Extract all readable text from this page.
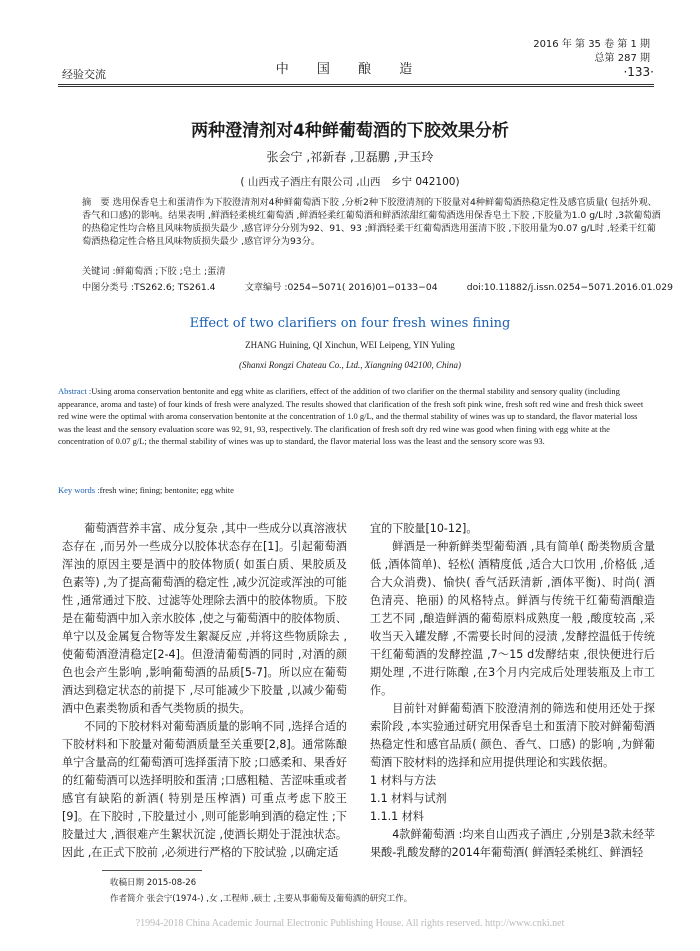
经验交流	中 国 酿 造
2016 年 第 35 卷 第 1 期
总第 287 期
·133·
两种澄清剂对4种鲜葡萄酒的下胶效果分析
张会宁 ,祁新春 ,卫磊鹏 ,尹玉玲
( 山西戎子酒庄有限公司 ,山西　乡宁 042100)
摘　要 选用保香皂土和蛋清作为下胶澄清剂对4种鲜葡萄酒下胶 ,分析2种下胶澄清剂的下胶量对4种鲜葡萄酒热稳定性及感官质量( 包括外观、香气和口感)的影响。结果表明 ,鲜酒轻柔桃红葡萄酒 ,鲜酒轻柔红葡萄酒和鲜酒浓甜红葡萄酒选用保香皂土下胶 ,下胶量为1.0 g/L时 ,3款葡萄酒的热稳定性均合格且风味物质损失最少 ,感官评分分别为92、91、93 ;鲜酒轻柔干红葡萄酒选用蛋清下胶 ,下胶用量为0.07 g/L时 ,轻柔干红葡萄酒热稳定性合格且风味物质损失最少 ,感官评分为93分。
关键词 :鲜葡萄酒 ;下胶 ;皂土 ;蛋清
中图分类号 :TS262.6; TS261.4	文章编号 :0254−5071( 2016)01−0133−04	doi:10.11882/j.issn.0254−5071.2016.01.029
Effect of two clarifiers on four fresh wines fining
ZHANG Huining, QI Xinchun, WEI Leipeng, YIN Yuling
(Shanxi Rongzi Chateau Co., Ltd., Xiangning 042100, China)
Abstract :Using aroma conservation bentonite and egg white as clarifiers, effect of the addition of two clarifier on the thermal stability and sensory quality (including appearance, aroma and taste) of four kinds of fresh were analyzed. The results showed that clarification of the fresh soft pink wine, fresh soft red wine and fresh thick sweet red wine were the optimal with aroma conservation bentonite at the concentration of 1.0 g/L, and the thermal stability of wines was up to standard, the flavor material loss was the least and the sensory evaluation score was 92, 91, 93, respectively. The clarification of fresh soft dry red wine was good when fining with egg white at the concentration of 0.07 g/L; the thermal stability of wines was up to standard, the flavor material loss was the least and the sensory score was 93.
Key words :fresh wine; fining; bentonite; egg white

葡萄酒营养丰富、成分复杂 ,其中一些成分以真溶液状态存在 ,而另外一些成分以胶体状态存在[1]。引起葡萄酒浑浊的原因主要是酒中的胶体物质( 如蛋白质、果胶质及色素等) ,为了提高葡萄酒的稳定性 ,减少沉淀或浑浊的可能性 ,通常通过下胶、过滤等处理除去酒中的胶体物质。下胶是在葡萄酒中加入亲水胶体 ,使之与葡萄酒中的胶体物质、单宁以及金属复合物等发生絮凝反应 ,并将这些物质除去 ,使葡萄酒澄清稳定[2-4]。但澄清葡萄酒的同时 ,对酒的颜色也会产生影响 ,影响葡萄酒的品质[5-7]。所以应在葡萄酒达到稳定状态的前提下 ,尽可能减少下胶量 ,以减少葡萄酒中色素类物质和香气类物质的损失。

不同的下胶材料对葡萄酒质量的影响不同 ,选择合适的下胶材料和下胶量对葡萄酒质量至关重要[2,8]。通常陈酿单宁含量高的红葡萄酒可选择蛋清下胶 ;口感柔和、果香好的红葡萄酒可以选择明胶和蛋清 ;口感粗糙、苦涩味重或者感官有缺陷的新酒( 特别是压榨酒) 可重点考虑下胶王[9]。在下胶时 ,下胶量过小 ,则可能影响到酒的稳定性 ;下胶量过大 ,酒很难产生絮状沉淀 ,使酒长期处于混浊状态。因此 ,在正式下胶前 ,必须进行严格的下胶试验 ,以确定适

宜的下胶量[10-12]。

鲜酒是一种新鲜类型葡萄酒 ,具有简单( 酚类物质含量低 ,酒体简单)、轻松( 酒精度低 ,适合大口饮用 ,价格低 ,适合大众消费)、愉快( 香气活跃清新 ,酒体平衡)、时尚( 酒色清亮、艳丽) 的风格特点。鲜酒与传统干红葡萄酒酿造工艺不同 ,酿造鲜酒的葡萄原料成熟度一般 ,酸度较高 ,采收当天入罐发酵 ,不需要长时间的浸渍 ,发酵控温低于传统干红葡萄酒的发酵控温 ,7～15 d发酵结束 ,很快便进行后期处理 ,不进行陈酿 ,在3个月内完成后处理装瓶及上市工作。

目前针对鲜葡萄酒下胶澄清剂的筛选和使用还处于探索阶段 ,本实验通过研究用保香皂土和蛋清下胶对鲜葡萄酒热稳定性和感官品质( 颜色、香气、口感) 的影响 ,为鲜葡萄酒下胶材料的选择和应用提供理论和实践依据。

1 材料与方法

1.1 材料与试剂

1.1.1 材料

4款鲜葡萄酒 :均来自山西戎子酒庄 ,分别是3款未经苹果酸-乳酸发酵的2014年葡萄酒( 鲜酒轻柔桃红、鲜酒轻

收稿日期 2015-08-26
作者简介 张会宁(1974-) ,女 ,工程师 ,硕士 ,主要从事葡萄及葡萄酒的研究工作。
?1994-2018 China Academic Journal Electronic Publishing House. All rights reserved. http://www.cnki.net
